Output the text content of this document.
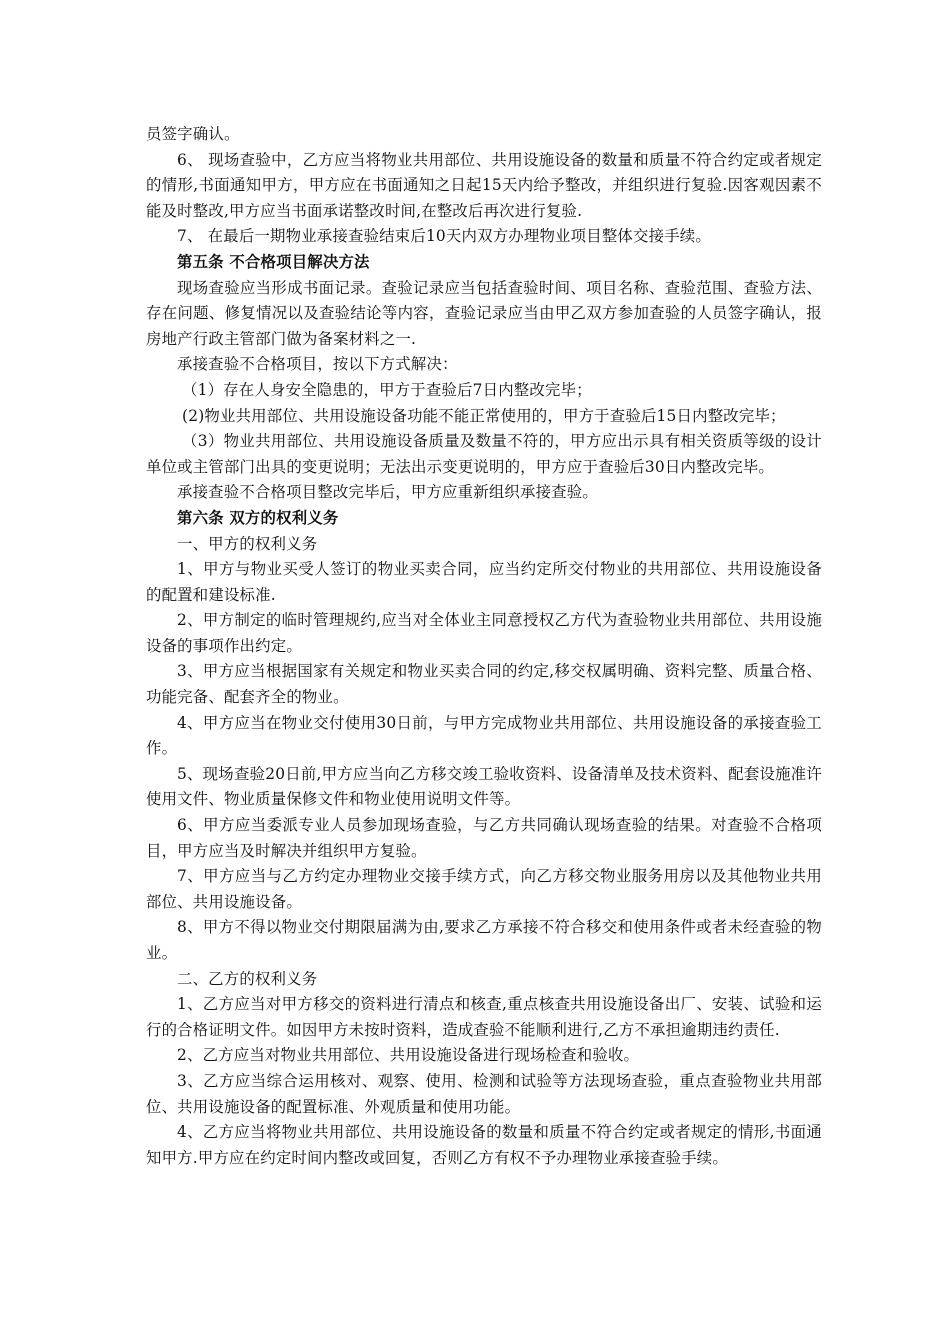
员签字确认。

6、 现场查验中，乙方应当将物业共用部位、共用设施设备的数量和质量不符合约定或者规定的情形,书面通知甲方，甲方应在书面通知之日起15天内给予整改，并组织进行复验.因客观因素不能及时整改,甲方应当书面承诺整改时间,在整改后再次进行复验.

7、 在最后一期物业承接查验结束后10天内双方办理物业项目整体交接手续。

第五条 不合格项目解决方法

现场查验应当形成书面记录。查验记录应当包括查验时间、项目名称、查验范围、查验方法、存在问题、修复情况以及查验结论等内容，查验记录应当由甲乙双方参加查验的人员签字确认，报房地产行政主管部门做为备案材料之一.

承接查验不合格项目，按以下方式解决：

（1）存在人身安全隐患的，甲方于查验后7日内整改完毕；

(2)物业共用部位、共用设施设备功能不能正常使用的，甲方于查验后15日内整改完毕；

（3）物业共用部位、共用设施设备质量及数量不符的，甲方应出示具有相关资质等级的设计单位或主管部门出具的变更说明；无法出示变更说明的，甲方应于查验后30日内整改完毕。

承接查验不合格项目整改完毕后，甲方应重新组织承接查验。

第六条 双方的权利义务

一、甲方的权利义务

1、甲方与物业买受人签订的物业买卖合同，应当约定所交付物业的共用部位、共用设施设备的配置和建设标准.

2、甲方制定的临时管理规约,应当对全体业主同意授权乙方代为查验物业共用部位、共用设施设备的事项作出约定。

3、甲方应当根据国家有关规定和物业买卖合同的约定,移交权属明确、资料完整、质量合格、功能完备、配套齐全的物业。

4、甲方应当在物业交付使用30日前，与甲方完成物业共用部位、共用设施设备的承接查验工作。

5、现场查验20日前,甲方应当向乙方移交竣工验收资料、设备清单及技术资料、配套设施准许使用文件、物业质量保修文件和物业使用说明文件等。

6、甲方应当委派专业人员参加现场查验，与乙方共同确认现场查验的结果。对查验不合格项目，甲方应当及时解决并组织甲方复验。

7、甲方应当与乙方约定办理物业交接手续方式，向乙方移交物业服务用房以及其他物业共用部位、共用设施设备。

8、甲方不得以物业交付期限届满为由,要求乙方承接不符合移交和使用条件或者未经查验的物业。

二、乙方的权利义务

1、乙方应当对甲方移交的资料进行清点和核查,重点核查共用设施设备出厂、安装、试验和运行的合格证明文件。如因甲方未按时资料，造成查验不能顺利进行,乙方不承担逾期违约责任.

2、乙方应当对物业共用部位、共用设施设备进行现场检查和验收。

3、乙方应当综合运用核对、观察、使用、检测和试验等方法现场查验，重点查验物业共用部位、共用设施设备的配置标准、外观质量和使用功能。

4、乙方应当将物业共用部位、共用设施设备的数量和质量不符合约定或者规定的情形,书面通知甲方.甲方应在约定时间内整改或回复，否则乙方有权不予办理物业承接查验手续。
